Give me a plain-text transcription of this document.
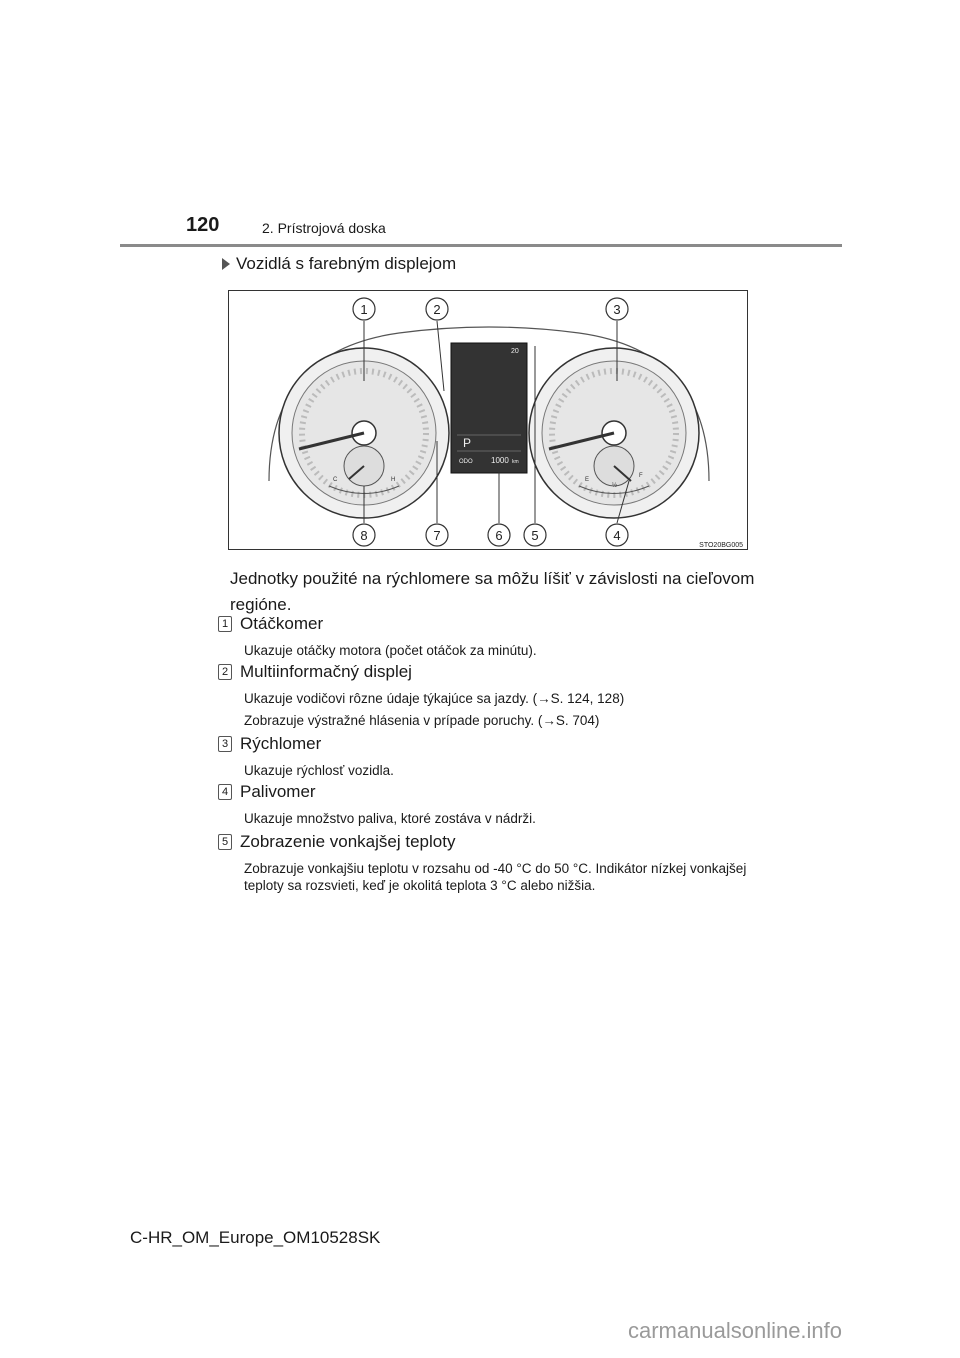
120	2. Prístrojová doska
Vozidlá s farebným displejom
1	2	3
4
5
6
7
8
20
P
ODO 1000 km
C	H	E
½
F
STO20BG005
Jednotky použité na rýchlomere sa môžu líšiť v závislosti na cieľovom regióne.
1 Otáčkomer
Ukazuje otáčky motora (počet otáčok za minútu).
2 Multiinformačný displej
Ukazuje vodičovi rôzne údaje týkajúce sa jazdy. (→S. 124, 128)
Zobrazuje výstražné hlásenia v prípade poruchy. (→S. 704)
3 Rýchlomer
Ukazuje rýchlosť vozidla.
4 Palivomer
Ukazuje množstvo paliva, ktoré zostáva v nádrži.
5 Zobrazenie vonkajšej teploty
Zobrazuje vonkajšiu teplotu v rozsahu od -40 °C do 50 °C. Indikátor nízkej vonkajšej teploty sa rozsvieti, keď je okolitá teplota 3 °C alebo nižšia.
C-HR_OM_Europe_OM10528SK
carmanualsonline.info
